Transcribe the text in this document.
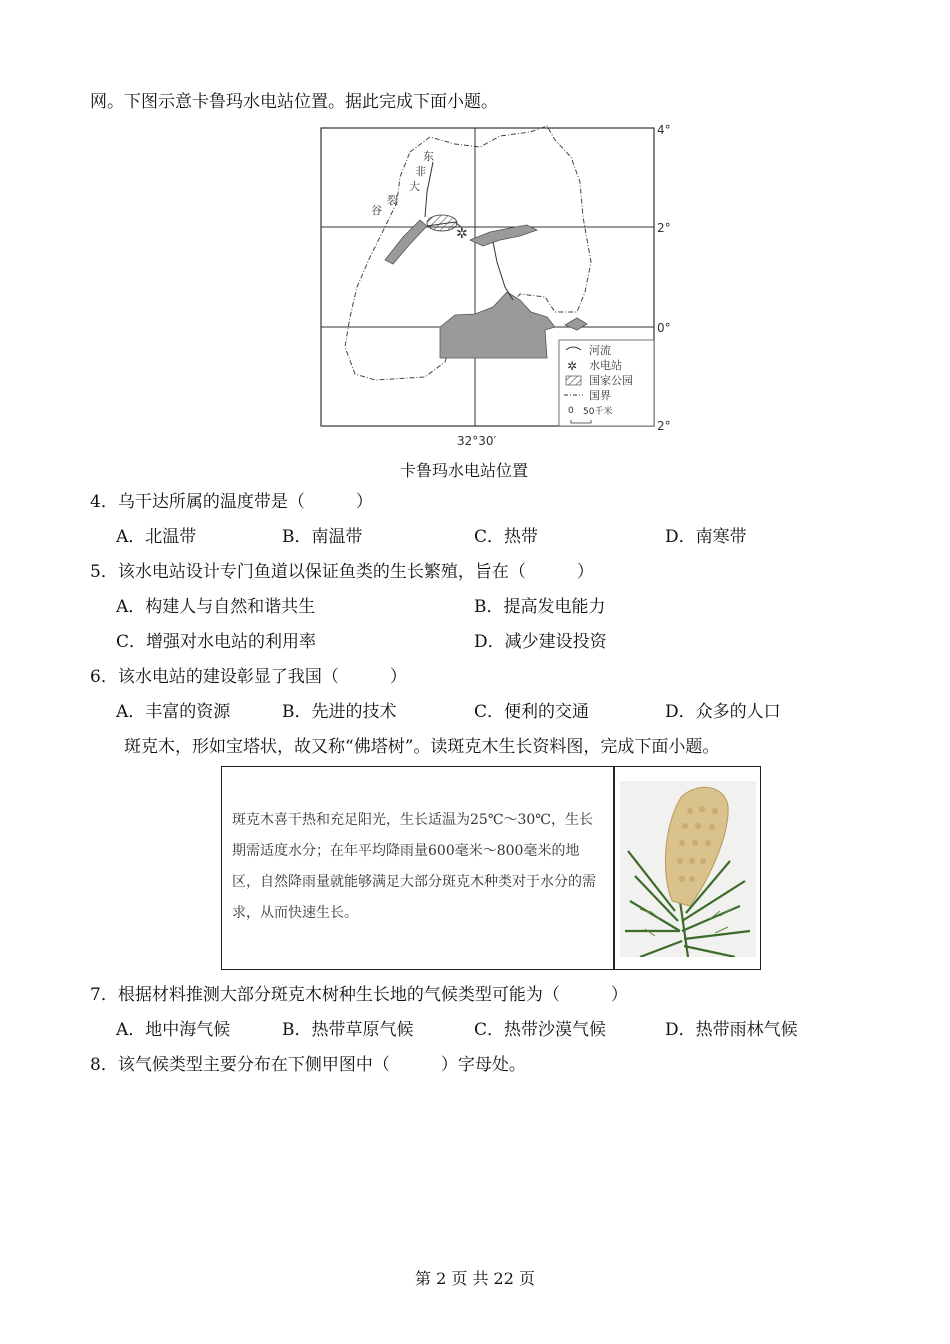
网。下图示意卡鲁玛水电站位置。据此完成下面小题。
✲
东
非
大
裂
谷
4°
2°
0°
2°
32°30′
河流
✲ 水电站
国家公园
国界
0 50千米
卡鲁玛水电站位置
4．乌干达所属的温度带是（　　　）
A．北温带	B．南温带	C．热带	D．南寒带
5．该水电站设计专门鱼道以保证鱼类的生长繁殖，旨在（　　　）
A．构建人与自然和谐共生	B．提高发电能力
C．增强对水电站的利用率	D．减少建设投资
6．该水电站的建设彰显了我国（　　　）
A．丰富的资源	B．先进的技术	C．便利的交通	D．众多的人口
斑克木，形如宝塔状，故又称“佛塔树”。读斑克木生长资料图，完成下面小题。
斑克木喜干热和充足阳光，生长适温为25℃～30℃，生长期需适度水分；在年平均降雨量600毫米～800毫米的地区，自然降雨量就能够满足大部分斑克木种类对于水分的需求，从而快速生长。
7．根据材料推测大部分斑克木树种生长地的气候类型可能为（　　　）
A．地中海气候	B．热带草原气候	C．热带沙漠气候	D．热带雨林气候
8．该气候类型主要分布在下侧甲图中（　　　）字母处。
第 2 页 共 22 页
